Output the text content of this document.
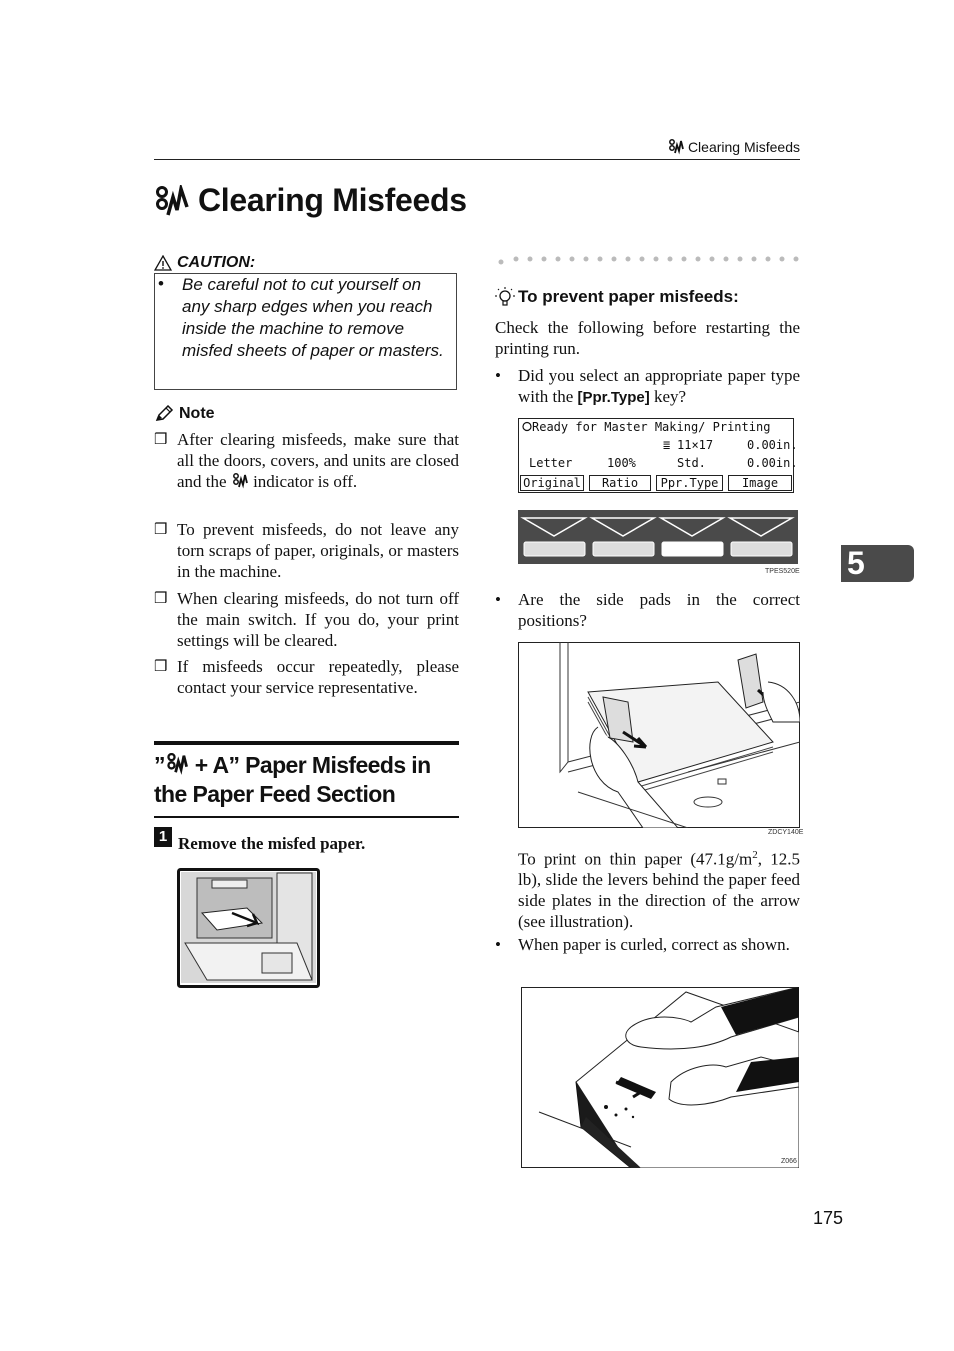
Clearing Misfeeds
Clearing Misfeeds
CAUTION:
• Be careful not to cut yourself on any sharp edges when you reach inside the machine to remove misfed sheets of paper or masters.
Note
❒ After clearing misfeeds, make sure that all the doors, covers, and units are closed and the indicator is off.
❒ To prevent misfeeds, do not leave any torn scraps of paper, originals, or masters in the machine.
❒ When clearing misfeeds, do not turn off the main switch. If you do, your print settings will be cleared.
❒ If misfeeds occur repeatedly, please contact your service representative.
” + A” Paper Misfeeds in the Paper Feed Section
1 Remove the misfed paper.
To prevent paper misfeeds:
Check the following before restarting the printing run.
•	Did you select an appropriate paper type with the [Ppr.Type] key?
Ready for Master Making/ Printing
≣ 11×17	0.00in.
Letter	100%	Std.	0.00in.
Original	Ratio	Ppr.Type	Image
TPES520E
•	Are the side pads in the correct positions?
ZDCY140E
To print on thin paper ($47.1g/m^2$, 12.5 lb), slide the levers behind the paper feed side plates in the direction of the arrow (see illustration).
•	When paper is curled, correct as shown.
Z066
5
175
